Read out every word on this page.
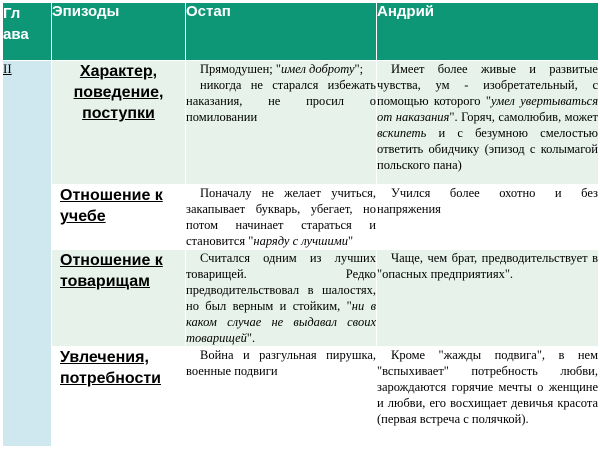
Гл
ава	Эпизоды	Остап	Андрий
II	Характер, поведение, поступки	Прямодушен; "имел доброту";

никогда не старался избежать наказания, не просил о помиловании	Имеет более живые и развитые чувства, ум - изобретательный, с помощью которого "умел увертываться от наказания". Горяч, самолюбив, может вскипеть и с безумною смелостью ответить обидчику (эпизод с колымагой польского пана)

	Отношение к учебе	Поначалу не желает учиться, закапывает букварь, убегает, но потом начинает стараться и становится "наряду с лучшими"	Учился более охотно и без напряжения

	Отношение к товарищам	Считался одним из лучших товарищей. Редко предводительствовал в шалостях, но был верным и стойким, "ни в каком случае не выдавал своих товарищей".	Чаще, чем брат, предводительствует в "опасных предприятиях".

	Увлечения, потребности	Война и разгульная пирушка, военные подвиги	Кроме "жажды подвига", в нем "вспыхивает" потребность любви, зарождаются горячие мечты о женщине и любви, его восхищает девичья красота (первая встреча с полячкой).
